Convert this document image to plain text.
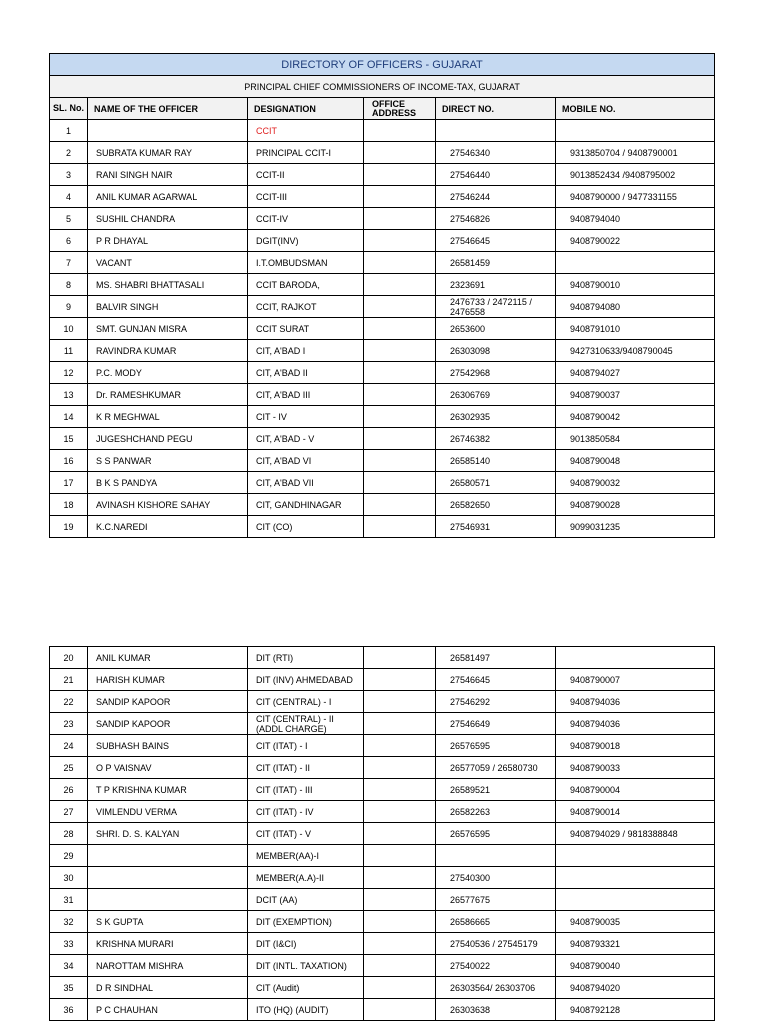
DIRECTORY OF OFFICERS - GUJARAT					
PRINCIPAL CHIEF COMMISSIONERS OF INCOME-TAX, GUJARAT					
SL. No.	NAME OF THE OFFICER	DESIGNATION	OFFICE ADDRESS	DIRECT NO.	MOBILE NO.
1		CCIT			
2	SUBRATA KUMAR RAY	PRINCIPAL CCIT-I		27546340	9313850704 / 9408790001
3	RANI SINGH NAIR	CCIT-II		27546440	9013852434 /9408795002
4	ANIL KUMAR AGARWAL	CCIT-III		27546244	9408790000 / 9477331155
5	SUSHIL CHANDRA	CCIT-IV		27546826	9408794040
6	P R DHAYAL	DGIT(INV)		27546645	9408790022
7	VACANT	I.T.OMBUDSMAN		26581459	
8	MS. SHABRI BHATTASALI	CCIT BARODA,		2323691	9408790010
9	BALVIR SINGH	CCIT, RAJKOT		2476733 / 2472115 / 2476558	9408794080
10	SMT. GUNJAN MISRA	CCIT SURAT		2653600	9408791010
11	RAVINDRA KUMAR	CIT, A'BAD I		26303098	9427310633/9408790045
12	P.C. MODY	CIT, A'BAD II		27542968	9408794027
13	Dr. RAMESHKUMAR	CIT, A'BAD III		26306769	9408790037
14	K R MEGHWAL	CIT - IV		26302935	9408790042
15	JUGESHCHAND PEGU	CIT, A'BAD - V		26746382	9013850584
16	S S PANWAR	CIT, A'BAD VI		26585140	9408790048
17	B K S PANDYA	CIT, A'BAD VII		26580571	9408790032
18	AVINASH KISHORE SAHAY	CIT, GANDHINAGAR		26582650	9408790028
19	K.C.NAREDI	CIT (CO)		27546931	9099031235
20	ANIL KUMAR	DIT (RTI)		26581497	
21	HARISH KUMAR	DIT (INV) AHMEDABAD		27546645	9408790007
22	SANDIP KAPOOR	CIT (CENTRAL) - I		27546292	9408794036
23	SANDIP KAPOOR	CIT (CENTRAL) - II (ADDL CHARGE)		27546649	9408794036
24	SUBHASH BAINS	CIT (ITAT) - I		26576595	9408790018
25	O P VAISNAV	CIT (ITAT) - II		26577059 / 26580730	9408790033
26	T P KRISHNA KUMAR	CIT (ITAT) - III		26589521	9408790004
27	VIMLENDU VERMA	CIT (ITAT) - IV		26582263	9408790014
28	SHRI. D. S. KALYAN	CIT (ITAT) - V		26576595	9408794029 / 9818388848
29		MEMBER(AA)-I			
30		MEMBER(A.A)-II		27540300	
31		DCIT (AA)		26577675	
32	S K GUPTA	DIT (EXEMPTION)		26586665	9408790035
33	KRISHNA MURARI	DIT (I&CI)		27540536 / 27545179	9408793321
34	NAROTTAM MISHRA	DIT (INTL. TAXATION)		27540022	9408790040
35	D R SINDHAL	CIT (Audit)		26303564/ 26303706	9408794020
36	P C CHAUHAN	ITO (HQ) (AUDIT)		26303638	9408792128
